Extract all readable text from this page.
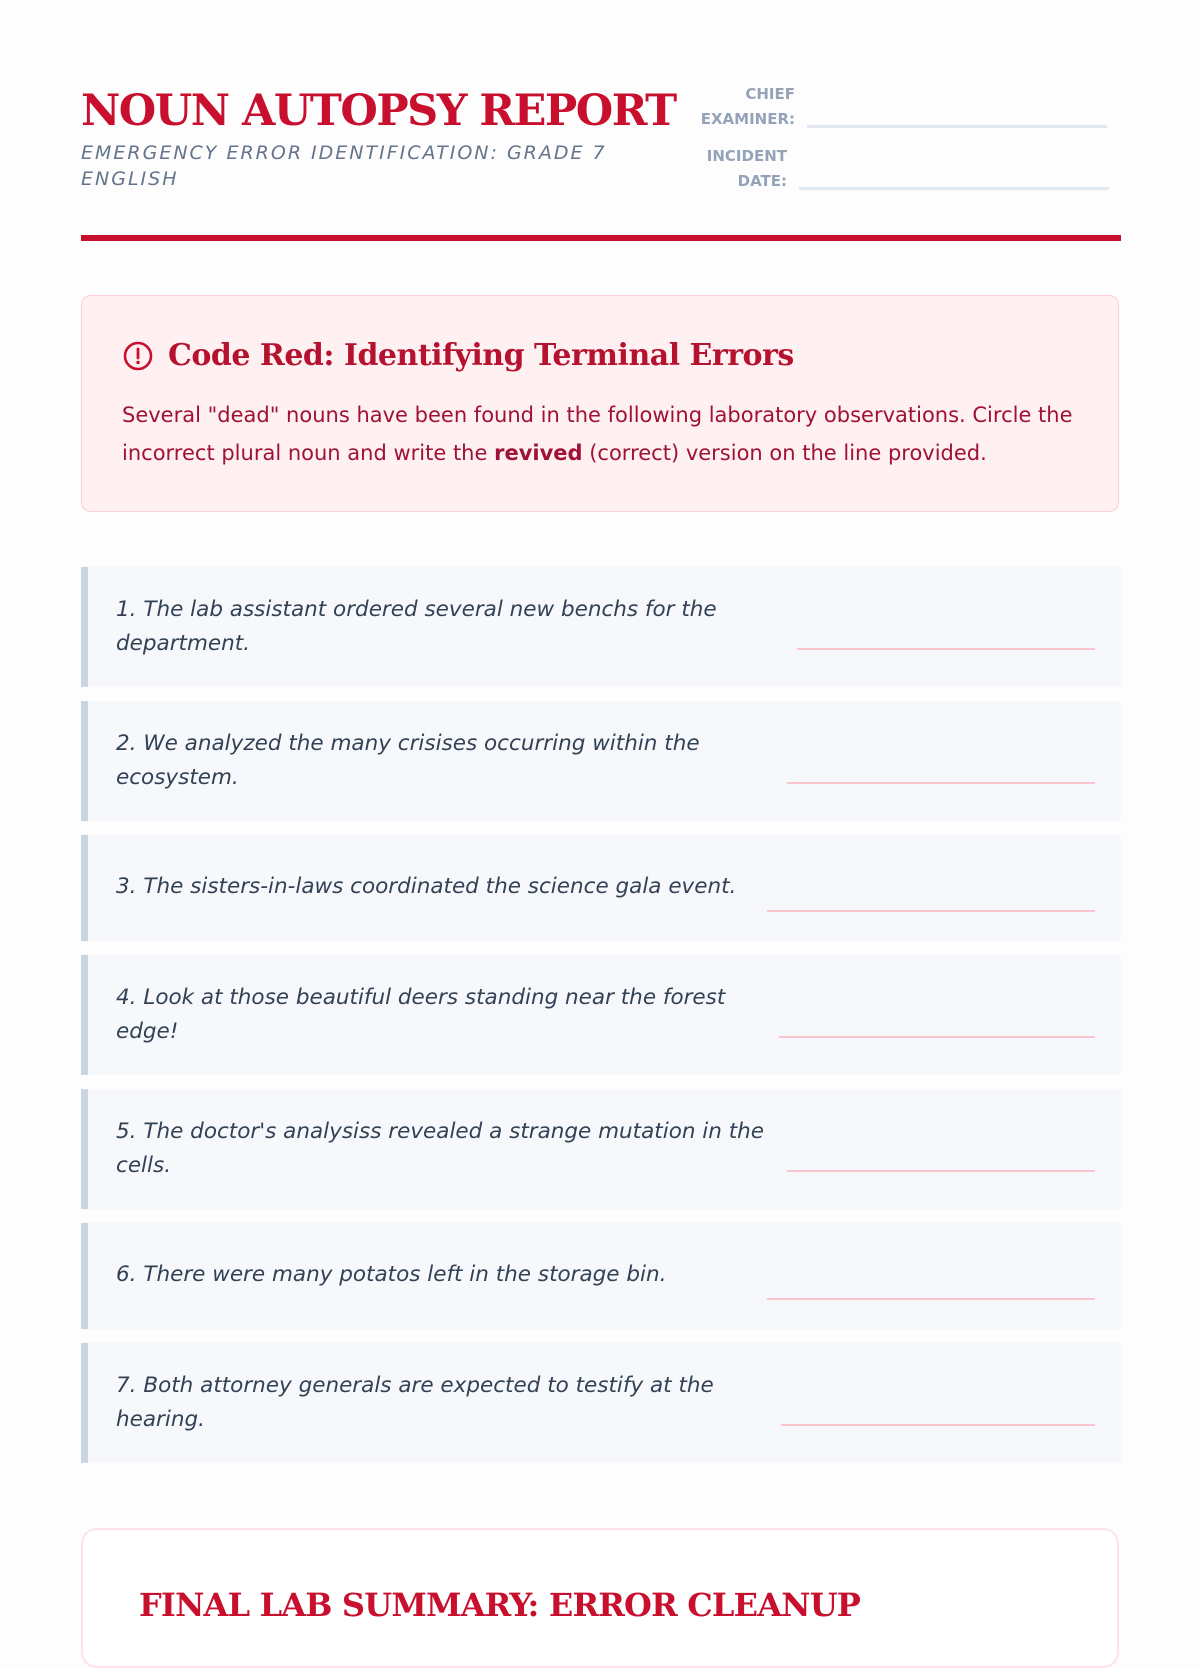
NOUN AUTOPSY REPORT
EMERGENCY ERROR IDENTIFICATION: GRADE 7 ENGLISH
CHIEF EXAMINER:
INCIDENT DATE:
Code Red: Identifying Terminal Errors
Several "dead" nouns have been found in the following laboratory observations. Circle the incorrect plural noun and write the revived (correct) version on the line provided.
1. The lab assistant ordered several new benchs for the department.
2. We analyzed the many crisises occurring within the ecosystem.
3. The sisters-in-laws coordinated the science gala event.
4. Look at those beautiful deers standing near the forest edge!
5. The doctor's analysiss revealed a strange mutation in the cells.
6. There were many potatos left in the storage bin.
7. Both attorney generals are expected to testify at the hearing.
FINAL LAB SUMMARY: ERROR CLEANUP
